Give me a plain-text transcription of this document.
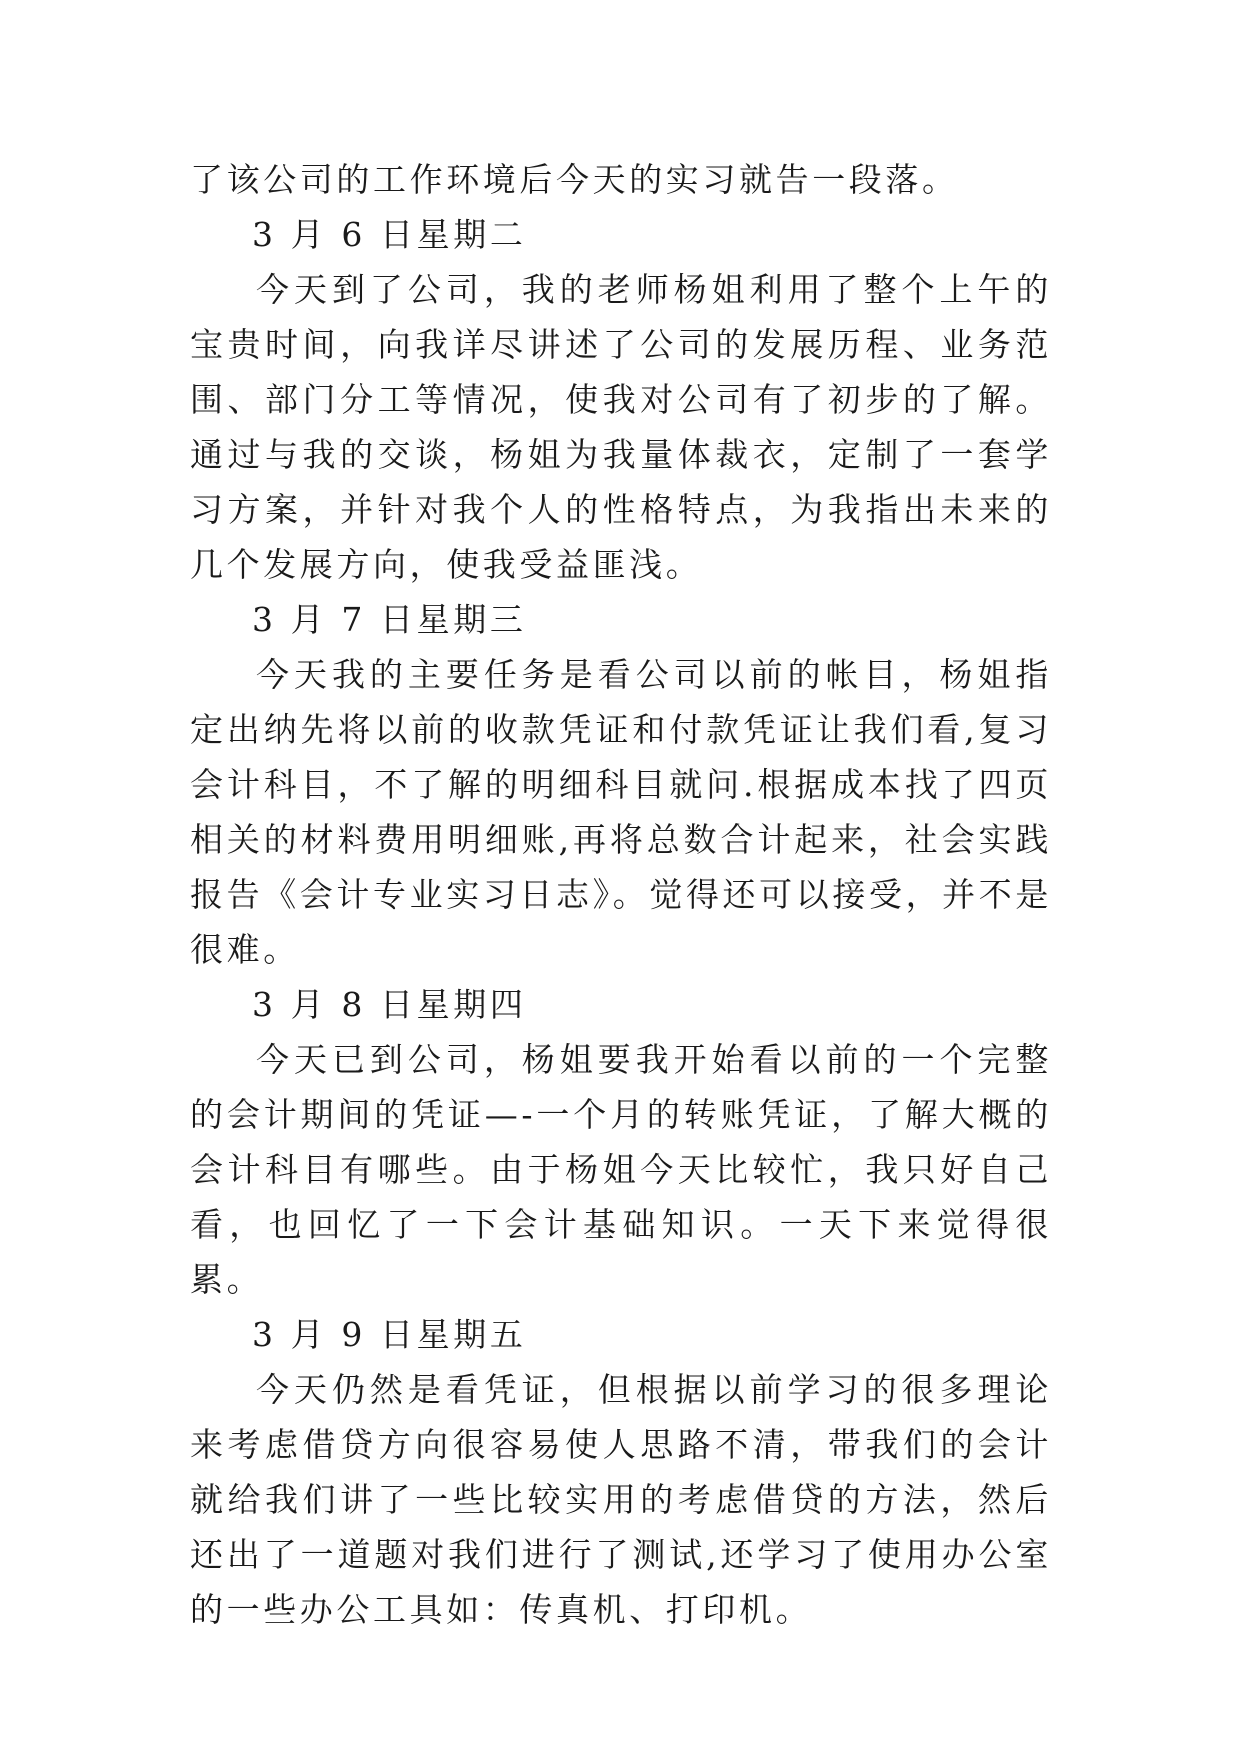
了该公司的工作环境后今天的实习就告一段落。

3 月 6 日星期二

今天到了公司，我的老师杨姐利用了整个上午的宝贵时间，向我详尽讲述了公司的发展历程、业务范围、部门分工等情况，使我对公司有了初步的了解。通过与我的交谈，杨姐为我量体裁衣，定制了一套学习方案，并针对我个人的性格特点，为我指出未来的几个发展方向，使我受益匪浅。

3 月 7 日星期三

今天我的主要任务是看公司以前的帐目，杨姐指定出纳先将以前的收款凭证和付款凭证让我们看,复习会计科目，不了解的明细科目就问.根据成本找了四页相关的材料费用明细账,再将总数合计起来，社会实践报告《会计专业实习日志》。觉得还可以接受，并不是很难。

3 月 8 日星期四

今天已到公司，杨姐要我开始看以前的一个完整的会计期间的凭证—-一个月的转账凭证，了解大概的会计科目有哪些。由于杨姐今天比较忙，我只好自己看，也回忆了一下会计基础知识。一天下来觉得很累。

3 月 9 日星期五

今天仍然是看凭证，但根据以前学习的很多理论来考虑借贷方向很容易使人思路不清，带我们的会计就给我们讲了一些比较实用的考虑借贷的方法，然后还出了一道题对我们进行了测试,还学习了使用办公室的一些办公工具如：传真机、打印机。
